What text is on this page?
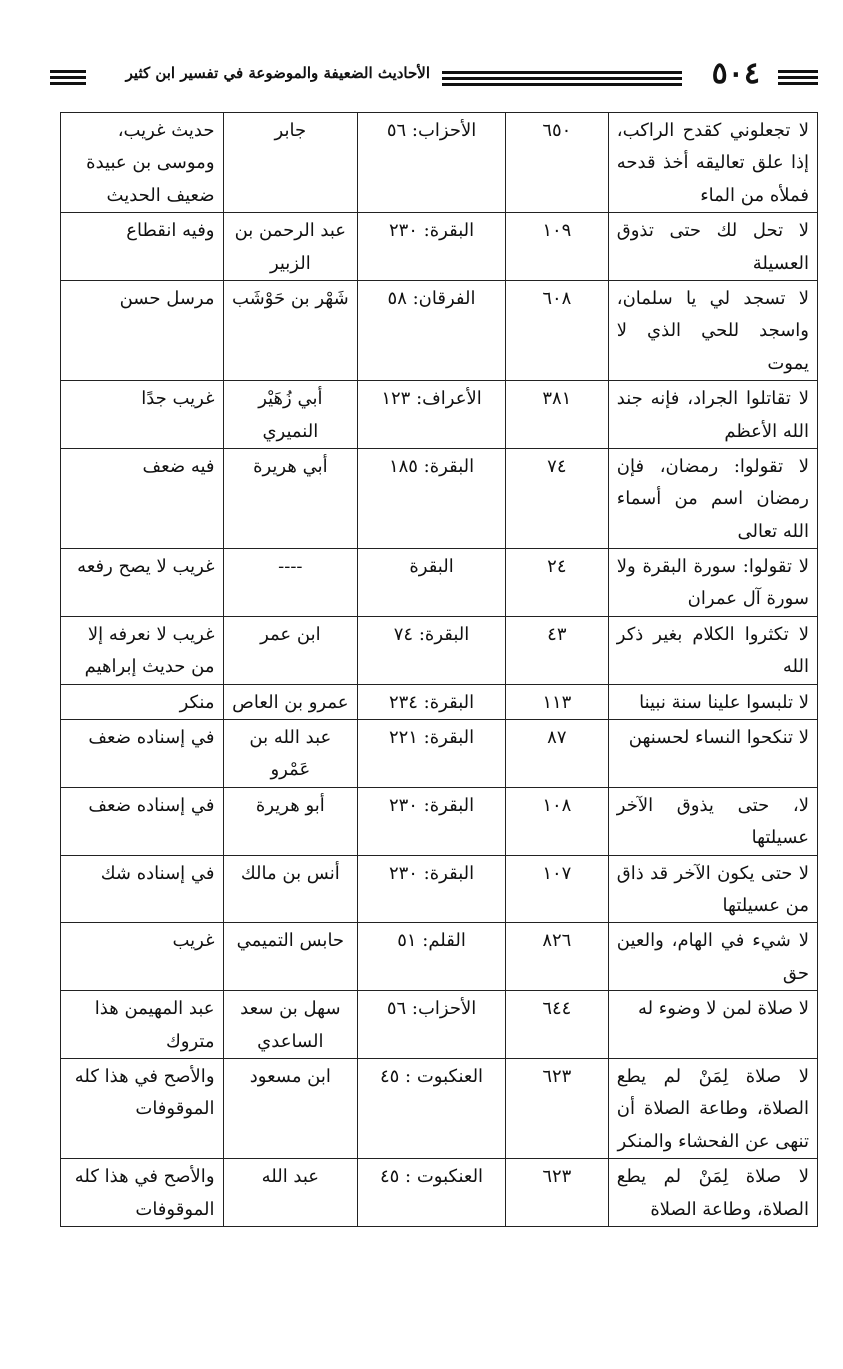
٥٠٤
الأحاديث الضعيفة والموضوعة في تفسير ابن كثير
لا تجعلوني كقدح الراكب، إذا علق تعاليقه أخذ قدحه فملأه من الماء	٦٥٠	الأحزاب: ٥٦	جابر	حديث غريب، وموسى بن عبيدة ضعيف الحديث
لا تحل لك حتى تذوق العسيلة	١٠٩	البقرة: ٢٣٠	عبد الرحمن بن الزبير	وفيه انقطاع
لا تسجد لي يا سلمان، واسجد للحي الذي لا يموت	٦٠٨	الفرقان: ٥٨	شَهْر بن حَوْشَب	مرسل حسن
لا تقاتلوا الجراد، فإنه جند الله الأعظم	٣٨١	الأعراف: ١٢٣	أبي زُهَيْر النميري	غريب جدًا
لا تقولوا: رمضان، فإن رمضان اسم من أسماء الله تعالى	٧٤	البقرة: ١٨٥	أبي هريرة	فيه ضعف
لا تقولوا: سورة البقرة ولا سورة آل عمران	٢٤	البقرة	----	غريب لا يصح رفعه
لا تكثروا الكلام بغير ذكر الله	٤٣	البقرة: ٧٤	ابن عمر	غريب لا نعرفه إلا من حديث إبراهيم
لا تلبسوا علينا سنة نبينا	١١٣	البقرة: ٢٣٤	عمرو بن العاص	منكر
لا تنكحوا النساء لحسنهن	٨٧	البقرة: ٢٢١	عبد الله بن عَمْرو	في إسناده ضعف
لا، حتى يذوق الآخر عسيلتها	١٠٨	البقرة: ٢٣٠	أبو هريرة	في إسناده ضعف
لا حتى يكون الآخر قد ذاق من عسيلتها	١٠٧	البقرة: ٢٣٠	أنس بن مالك	في إسناده شك
لا شيء في الهام، والعين حق	٨٢٦	القلم: ٥١	حابس التميمي	غريب
لا صلاة لمن لا وضوء له	٦٤٤	الأحزاب: ٥٦	سهل بن سعد الساعدي	عبد المهيمن هذا متروك
لا صلاة لِمَنْ لم يطع الصلاة، وطاعة الصلاة أن تنهى عن الفحشاء والمنكر	٦٢٣	العنكبوت : ٤٥	ابن مسعود	والأصح في هذا كله الموقوفات
لا صلاة لِمَنْ لم يطع الصلاة، وطاعة الصلاة	٦٢٣	العنكبوت : ٤٥	عبد الله	والأصح في هذا كله الموقوفات
